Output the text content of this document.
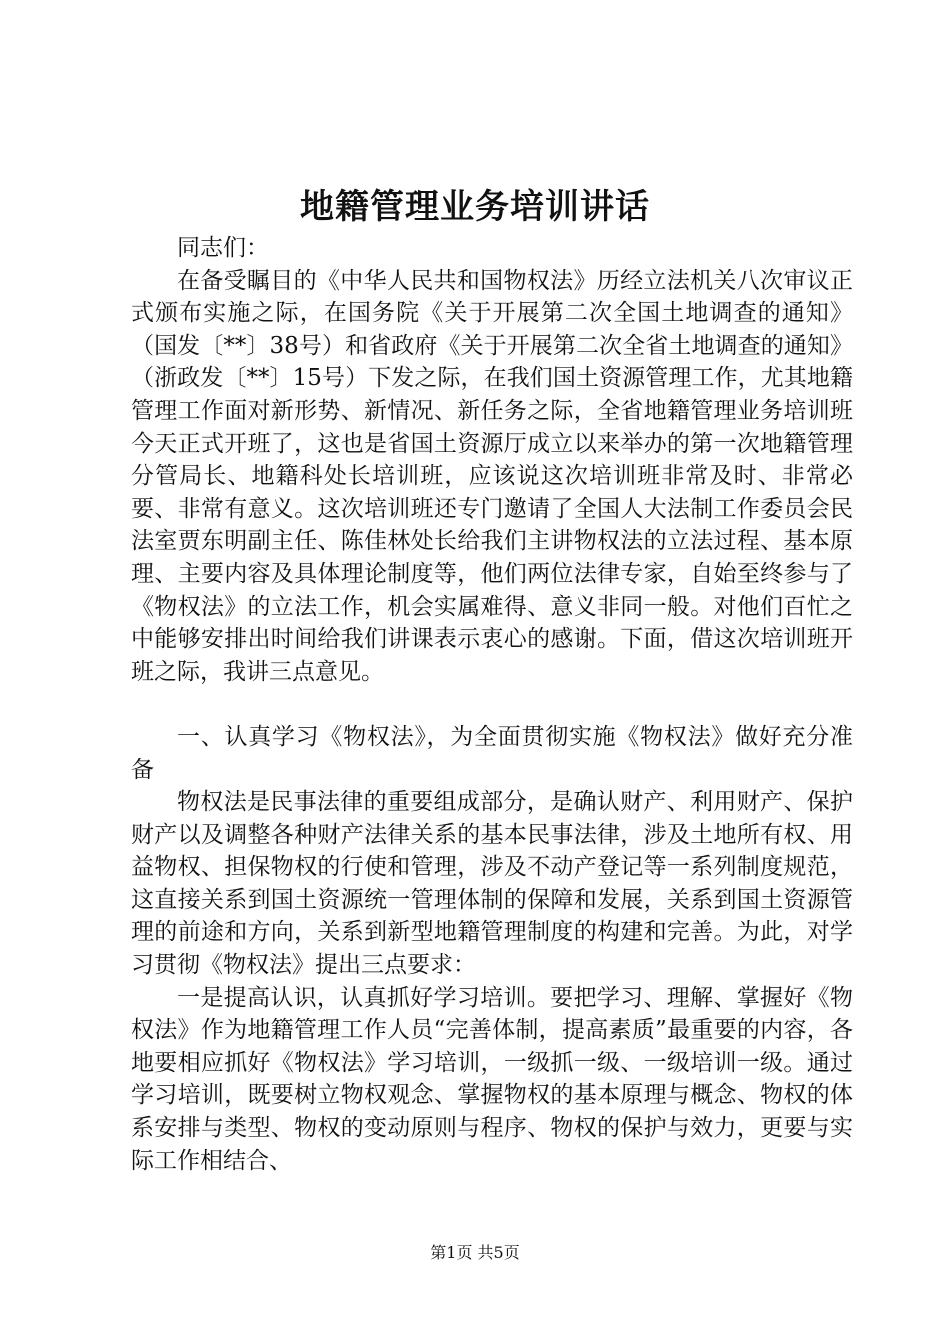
地籍管理业务培训讲话

同志们：

在备受瞩目的《中华人民共和国物权法》历经立法机关八次审议正式颁布实施之际，在国务院《关于开展第二次全国土地调查的通知》（国发〔**〕38号）和省政府《关于开展第二次全省土地调查的通知》（浙政发〔**〕15号）下发之际，在我们国土资源管理工作，尤其地籍管理工作面对新形势、新情况、新任务之际，全省地籍管理业务培训班今天正式开班了，这也是省国土资源厅成立以来举办的第一次地籍管理分管局长、地籍科处长培训班，应该说这次培训班非常及时、非常必要、非常有意义。这次培训班还专门邀请了全国人大法制工作委员会民法室贾东明副主任、陈佳林处长给我们主讲物权法的立法过程、基本原理、主要内容及具体理论制度等，他们两位法律专家，自始至终参与了《物权法》的立法工作，机会实属难得、意义非同一般。对他们百忙之中能够安排出时间给我们讲课表示衷心的感谢。下面，借这次培训班开班之际，我讲三点意见。

一、认真学习《物权法》，为全面贯彻实施《物权法》做好充分准备

物权法是民事法律的重要组成部分，是确认财产、利用财产、保护财产以及调整各种财产法律关系的基本民事法律，涉及土地所有权、用益物权、担保物权的行使和管理，涉及不动产登记等一系列制度规范，这直接关系到国土资源统一管理体制的保障和发展，关系到国土资源管理的前途和方向，关系到新型地籍管理制度的构建和完善。为此，对学习贯彻《物权法》提出三点要求：

一是提高认识，认真抓好学习培训。要把学习、理解、掌握好《物权法》作为地籍管理工作人员“完善体制，提高素质”最重要的内容，各地要相应抓好《物权法》学习培训，一级抓一级、一级培训一级。通过学习培训，既要树立物权观念、掌握物权的基本原理与概念、物权的体系安排与类型、物权的变动原则与程序、物权的保护与效力，更要与实际工作相结合、

第1页 共5页
